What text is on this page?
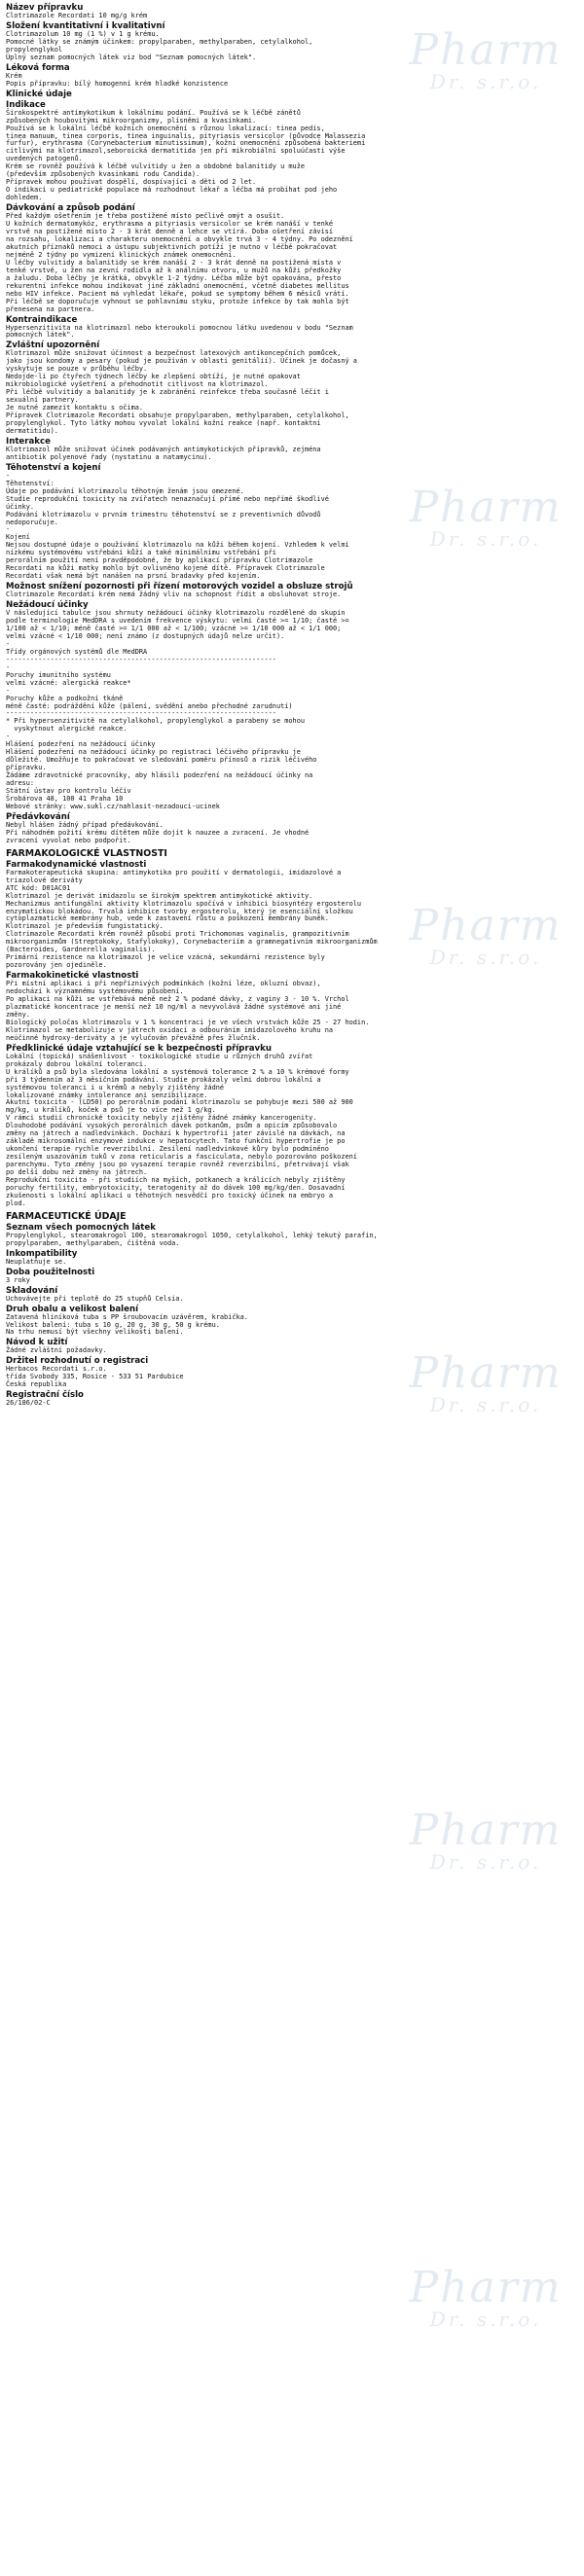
Pharm
Dr. s.r.o.
Pharm
Dr. s.r.o.
Pharm
Dr. s.r.o.
Pharm
Dr. s.r.o.
Pharm
Dr. s.r.o.
Pharm
Dr. s.r.o.
Název přípravku
Clotrimazole Recordati 10 mg/g krém
Složení kvantitativní i kvalitativní
Clotrimazolum 10 mg (1 %) v 1 g krému.
Pomocné látky se známým účinkem: propylparaben, methylparaben, cetylalkohol,
propylenglykol
Úplný seznam pomocných látek viz bod "Seznam pomocných látek".
Léková forma
Krém
Popis přípravku: bílý homogenní krém hladké konzistence
Klinické údaje
Indikace
Širokospektré antimykotikum k lokálnímu podání. Používá se k léčbě zánětů
způsobených houbovitými mikroorganizmy, plísněmi a kvasinkami.
Používá se k lokální léčbě kožních onemocnění s různou lokalizací: tinea pedis,
tinea manuum, tinea corporis, tinea inguinalis, pityriasis versicolor (původce Malassezia
furfur), erythrasma (Corynebacterium minutissimum), kožní onemocnění způsobená bakteriemi
citlivými na klotrimazol,seboroická dermatitida jen při mikrobiální spoluúčasti výše
uvedených patogenů.
Krém se rovněž používá k léčbě vulvitidy u žen a obdobné balanitidy u muže
(především způsobených kvasinkami rodu Candida).
Přípravek mohou používat dospělí, dospívající a děti od 2 let.
O indikaci u pediatrické populace má rozhodnout lékař a léčba má probíhat pod jeho
dohledem.
Dávkování a způsob podání
Před každým ošetřením je třeba postižené místo pečlivě omýt a osušit.
U kožních dermatomykóz, erythrasma a pityriasis versicolor se krém nanáší v tenké
vrstvě na postižené místo 2 - 3 krát denně a lehce se vtírá. Doba ošetření závisí
na rozsahu, lokalizaci a charakteru onemocnění a obvykle trvá 3 - 4 týdny. Po odeznění
akutních příznaků nemoci a ústupu subjektivních potíží je nutno v léčbě pokračovat
nejméně 2 týdny po vymizení klinických známek onemocnění.
U léčby vulvitidy a balanitidy se krém nanáší 2 - 3 krát denně na postižená místa v
tenké vrstvě, u žen na zevní rodidla až k análnímu otvoru, u mužů na kůži předkožky
a žaludu. Doba léčby je krátká, obvykle 1-2 týdny. Léčba může být opakována, přesto
rekurentní infekce mohou indikovat jiné základní onemocnění, včetně diabetes mellitus
nebo HIV infekce. Pacient má vyhledat lékaře, pokud se symptomy během 6 měsíců vrátí.
Při léčbě se doporučuje vyhnout se pohlavnímu styku, protože infekce by tak mohla být
přenesena na partnera.
Kontraindikace
Hypersenzitivita na klotrimazol nebo kteroukoli pomocnou látku uvedenou v bodu "Seznam
pomocných látek".
Zvláštní upozornění
Klotrimazol může snižovat účinnost a bezpečnost latexových antikoncepčních pomůcek,
jako jsou kondomy a pesary (pokud je používán v oblasti genitálií). Účinek je dočasný a
vyskytuje se pouze v průběhu léčby.
Nedojde-li po čtyřech týdnech léčby ke zlepšení obtíží, je nutné opakovat
mikrobiologické vyšetření a přehodnotit citlivost na klotrimazol.
Při léčbě vulvitidy a balanitidy je k zabránění reinfekce třeba současně léčit i
sexuální partnery.
Je nutné zamezit kontaktu s očima.
Přípravek Clotrimazole Recordati obsahuje propylparaben, methylparaben, cetylalkohol,
propylenglykol. Tyto látky mohou vyvolat lokální kožní reakce (např. kontaktní
dermatitidu).
Interakce
Klotrimazol může snižovat účinek podávaných antimykotických přípravků, zejména
antibiotik polyenové řady (nystatinu a natamycinu).
Těhotenství a kojení
-
Těhotenství:
Údaje po podávání klotrimazolu těhotným ženám jsou omezené.
Studie reprodukční toxicity na zvířatech nenaznačují přímé nebo nepřímé škodlivé
účinky.
Podávání klotrimazolu v prvním trimestru těhotenství se z preventivních důvodů
nedoporučuje.
-
Kojení
Nejsou dostupné údaje o používání klotrimazolu na kůži během kojení. Vzhledem k velmi
nízkému systémovému vstřebání kůží a také minimálnímu vstřebání při
perorálním použití není pravděpodobné, že by aplikací přípravku Clotrimazole
Recordati na kůži matky mohlo být ovlivněno kojené dítě. Přípravek Clotrimazole
Recordati však nemá být nanášen na prsní bradavky před kojením.
Možnost snížení pozornosti při řízení motorových vozidel a obsluze strojů
Clotrimazole Recordati krém nemá žádný vliv na schopnost řídit a obsluhovat stroje.
Nežádoucí účinky
V následující tabulce jsou shrnuty nežádoucí účinky klotrimazolu rozdělené do skupin
podle terminologie MedDRA s uvedením frekvence výskytu: velmi časté >= 1/10; časté >=
1/100 až < 1/10; méně časté >= 1/1 000 až < 1/100; vzácné >= 1/10 000 až < 1/1 000;
velmi vzácné < 1/10 000; není známo (z dostupných údajů nelze určit).
-
Třídy orgánových systémů dle MedDRA
-------------------------------------------------------------------
-
Poruchy imunitního systému
velmi vzácné: alergická reakce*
-
Poruchy kůže a podkožní tkáně
méně časté: podráždění kůže (pálení, svědění anebo přechodné zarudnutí)
-------------------------------------------------------------------
* Při hypersenzitivitě na cetylalkohol, propylenglykol a parabeny se mohou
vyskytnout alergické reakce.
-
Hlášení podezření na nežádoucí účinky
Hlášení podezření na nežádoucí účinky po registraci léčivého přípravku je
důležité. Umožňuje to pokračovat ve sledování poměru přínosů a rizik léčivého
přípravku.
Žádáme zdravotnické pracovníky, aby hlásili podezření na nežádoucí účinky na
adresu:
Státní ústav pro kontrolu léčiv
Šrobárova 48, 100 41 Praha 10
Webové stránky: www.sukl.cz/nahlasit-nezadouci-ucinek
Předávkování
Nebyl hlášen žádný případ předávkování.
Při náhodném požití krému dítětem může dojít k nauzee a zvracení. Je vhodné
zvracení vyvolat nebo podpořit.
FARMAKOLOGICKÉ VLASTNOSTI
Farmakodynamické vlastnosti
Farmakoterapeutická skupina: antimykotika pro použití v dermatologii, imidazolové a
triazolové deriváty
ATC kód: D01AC01
Klotrimazol je derivát imidazolu se širokým spektrem antimykotické aktivity.
Mechanizmus antifungální aktivity klotrimazolu spočívá v inhibici biosyntézy ergosterolu
enzymatickou blokádou. Trvalá inhibice tvorby ergosterolu, který je esenciální složkou
cytoplazmatické membrány hub, vede k zastavení růstu a poškození membrány buněk.
Klotrimazol je především fungistatický.
Clotrimazole Recordati krém rovněž působí proti Trichomonas vaginalis, grampozitivním
mikroorganizmům (Streptokoky, Stafylokoky), Corynebacteriím a gramnegativním mikroorganizmům
(Bacteroides, Gardnerella vaginalis).
Primární rezistence na klotrimazol je velice vzácná, sekundární rezistence byly
pozorovány jen ojediněle.
Farmakokinetické vlastnosti
Při místní aplikaci i při nepříznivých podmínkách (kožní léze, okluzní obvaz),
nedochází k významnému systémovému působení.
Po aplikaci na kůži se vstřebává méně než 2 % podané dávky, z vaginy 3 - 10 %. Vrchol
plazmatické koncentrace je menší než 10 ng/ml a nevyvolává žádné systémové ani jiné
změny.
Biologický poločas klotrimazolu v 1 % koncentraci je ve všech vrstvách kůže 25 - 27 hodin.
Klotrimazol se metabolizuje v játrech oxidací a odbouráním imidazolového kruhu na
neúčinné hydroxy-deriváty a je vylučován převážně přes žlučník.
Předklinické údaje vztahující se k bezpečnosti přípravku
Lokální (topická) snášenlivost - toxikologické studie u různých druhů zvířat
prokázaly dobrou lokální toleranci.
U králíků a psů byla sledována lokální a systémová tolerance 2 % a 10 % krémové formy
při 3 týdenním až 3 měsíčním podávání. Studie prokázaly velmi dobrou lokální a
systémovou toleranci i u krémů a nebyly zjištěny žádné
lokalizované známky intolerance ani senzibilizace.
Akutní toxicita - (LD50) po perorálním podání klotrimazolu se pohybuje mezi 500 až 900
mg/kg, u králíků, koček a psů je to více než 1 g/kg.
V rámci studií chronické toxicity nebyly zjištěny žádné známky kancerogenity.
Dlouhodobé podávání vysokých perorálních dávek potkanům, psům a opicím způsobovalo
změny na játrech a nadledvinkách. Dochází k hypertrofii jater závislé na dávkách, na
základě mikrosomální enzymové indukce v hepatocytech. Tato funkční hypertrofie je po
ukončení terapie rychle reverzibilní. Zesílení nadledvinkové kůry bylo podmíněno
zesíleným usazováním tuků v zona reticularis a fasciculata, nebylo pozorováno poškození
parenchymu. Tyto změny jsou po vysazení terapie rovněž reverzibilní, přetrvávají však
po delší dobu než změny na játrech.
Reprodukční toxicita - při studiích na myších, potkanech a králících nebyly zjištěny
poruchy fertility, embryotoxicity, teratogenity až do dávek 100 mg/kg/den. Dosavadní
zkušenosti s lokální aplikací u těhotných nesvědčí pro toxický účinek na embryo a
plod.
FARMACEUTICKÉ ÚDAJE
Seznam všech pomocných látek
Propylenglykol, stearomakrogol 100, stearomakrogol 1050, cetylalkohol, lehký tekutý parafin,
propylparaben, methylparaben, čištěná voda.
Inkompatibility
Neuplatňuje se.
Doba použitelnosti
3 roky
Skladování
Uchovávejte při teplotě do 25 stupňů Celsia.
Druh obalu a velikost balení
Zatavená hliníková tuba s PP šroubovacím uzávěrem, krabička.
Velikost balení: tuba s 10 g, 20 g, 30 g, 50 g krému.
Na trhu nemusí být všechny velikosti balení.
Návod k užití
Žádné zvláštní požadavky.
Držitel rozhodnutí o registraci
Herbacos Recordati s.r.o.
třída Svobody 335, Rosice - 533 51 Pardubice
Česká republika
Registrační číslo
26/186/02-C
